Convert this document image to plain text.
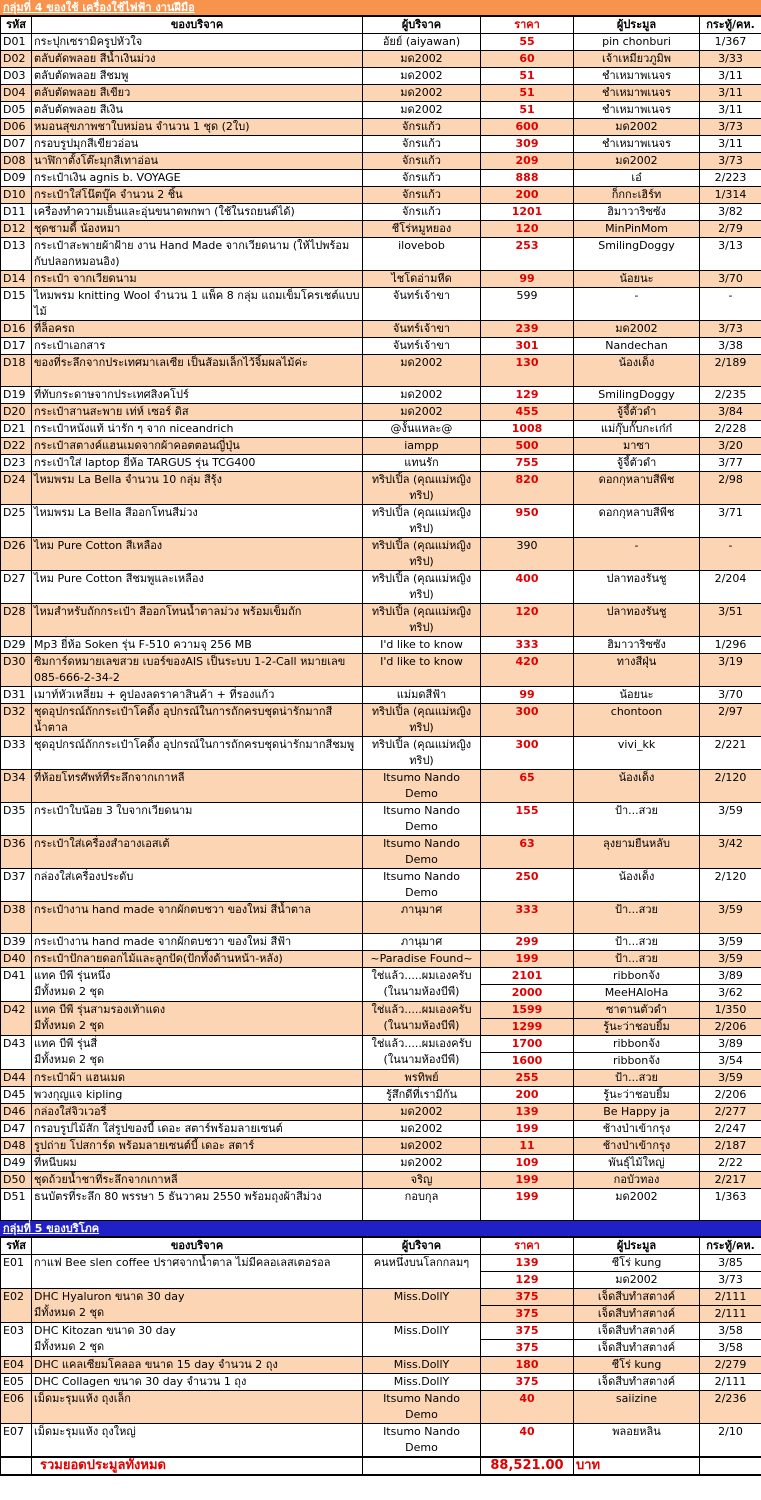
กลุ่มที่ 4 ของใช้ เครื่องใช้ไฟฟ้า งานฝีมือ
รหัส	ของบริจาค	ผู้บริจาค	ราคา	ผู้ประมูล	กระทู้/คห.
D01	กระปุกเซรามิครูปหัวใจ	อัยย์ (aiyawan)	55	pin chonburi	1/367
D02	ตลับตัดพลอย สีน้ำเงินม่วง	มด2002	60	เจ้าเหมียวภูมิพ	3/33
D03	ตลับตัดพลอย สีชมพู	มด2002	51	ชำเหมาพเนจร	3/11
D04	ตลับตัดพลอย สีเขียว	มด2002	51	ชำเหมาพเนจร	3/11
D05	ตลับตัดพลอย สีเงิน	มด2002	51	ชำเหมาพเนจร	3/11
D06	หมอนสุขภาพชาใบหม่อน จำนวน 1 ชุด (2ใบ)	จักรแก้ว	600	มด2002	3/73
D07	กรอบรูปมุกสีเขียวอ่อน	จักรแก้ว	309	ชำเหมาพเนจร	3/11
D08	นาฬิกาตั้งโต๊ะมุกสีเทาอ่อน	จักรแก้ว	209	มด2002	3/73
D09	กระเป๋าเงิน agnis b. VOYAGE	จักรแก้ว	888	เอ๋	2/223
D10	กระเป๋าใส่โน๊ตบุ๊ค จำนวน 2 ชิ้น	จักรแก้ว	200	ก็กกะเฮิร์ท	1/314
D11	เครื่องทำความเย็นและอุ่นขนาดพกพา (ใช้ในรถยนต์ได้)	จักรแก้ว	1201	ฮิมาวาริซซัง	3/82
D12	ชุดชามดี้ น้องหมา	ชีโร่หมูหยอง	120	MinPinMom	2/79
D13	กระเป๋าสะพายผ้าฝ้าย งาน Hand Made จากเวียดนาม (ให้ไปพร้อมกับปลอกหมอนอิง)	ilovebob	253	SmilingDoggy	3/13
D14	กระเป๋า จากเวียดนาม	ไชโดอ่ามหีด	99	น้อยนะ	3/70
D15	ไหมพรม knitting Wool จำนวน 1 แพ็ค 8 กลุ่ม แถมเข็มโครเชต์แบบไม้	จันทร์เจ้าขา	599	-	-
D16	ที่ล็อครถ	จันทร์เจ้าขา	239	มด2002	3/73
D17	กระเป๋าเอกสาร	จันทร์เจ้าขา	301	Nandechan	3/38
D18	ของที่ระลึกจากประเทศมาเลเซีย เป็นส้อมเล็กไว้จิ้มผลไม้ค่ะ	มด2002	130	น้องเด็ง	2/189
D19	ที่ทับกระดาษจากประเทศสิงคโปร์	มด2002	129	SmilingDoggy	2/235
D20	กระเป๋าสานสะพาย เท่ห์ เซอร์ ดิส	มด2002	455	จู้จี้ตัวดำ	3/84
D21	กระเป๋าหนังแท้ น่ารัก ๆ จาก niceandrich	@งั้นแหละ@	1008	แม่กุ๊บกั๊บกะเก๋ก๋	2/228
D22	กระเป๋าสตางค์แฮนเมดจากผ้าคอตตอนญี่ปุ่น	iampp	500	มาซา	3/20
D23	กระเป๋าใส่ laptop ยี่ห้อ TARGUS รุ่น TCG400	แทนรัก	755	จู้จี้ตัวดำ	3/77
D24	ไหมพรม La Bella จำนวน 10 กลุ่ม สีรุ้ง	ทริปเปิ้ล (คุณแม่หญิงทริป)	820	ดอกกุหลาบสีพีช	2/98
D25	ไหมพรม La Bella สีออกโทนสีม่วง	ทริปเปิ้ล (คุณแม่หญิงทริป)	950	ดอกกุหลาบสีพีช	3/71
D26	ไหม Pure Cotton สีเหลือง	ทริปเปิ้ล (คุณแม่หญิงทริป)	390	-	-
D27	ไหม Pure Cotton สีชมพูและเหลือง	ทริปเปิ้ล (คุณแม่หญิงทริป)	400	ปลาทองรันชู	2/204
D28	ไหมสำหรับถักกระเป๋า สีออกโทนน้ำตาลม่วง พร้อมเข็มถัก	ทริปเปิ้ล (คุณแม่หญิงทริป)	120	ปลาทองรันชู	3/51
D29	Mp3 ยี่ห้อ Soken รุ่น F-510 ความจุ 256 MB	I'd like to know	333	ฮิมาวาริซซัง	1/296
D30	ซิมการ์ดหมายเลขสวย เบอร์ของAIS เป็นระบบ 1-2-Call หมายเลข 085-666-2-34-2	I'd like to know	420	ทางสีฝุ่น	3/19
D31	เมาท์หัวเหลี่ยม + คูปองลดราคาสินค้า + ที่รองแก้ว	แม่มดสีฟ้า	99	น้อยนะ	3/70
D32	ชุดอุปกรณ์ถักกระเป๋าโคดิ้ง อุปกรณ์ในการถักครบชุดน่ารักมากสีน้ำตาล	ทริปเปิ้ล (คุณแม่หญิงทริป)	300	chontoon	2/97
D33	ชุดอุปกรณ์ถักกระเป๋าโคดิ้ง อุปกรณ์ในการถักครบชุดน่ารักมากสีชมพู	ทริปเปิ้ล (คุณแม่หญิงทริป)	300	vivi_kk	2/221
D34	ที่ห้อยโทรศัพท์ที่ระลึกจากเกาหลี	Itsumo Nando Demo	65	น้องเด็ง	2/120
D35	กระเป๋าใบน้อย 3 ใบจากเวียดนาม	Itsumo Nando Demo	155	ป้า...สวย	3/59
D36	กระเป๋าใส่เครื่องสำอางเอสเต้	Itsumo Nando Demo	63	ลุงยามยืนหลับ	3/42
D37	กล่องใส่เครื่องประดับ	Itsumo Nando Demo	250	น้องเด็ง	2/120
D38	กระเป๋างาน hand made จากผักตบชวา ของใหม่ สีน้ำตาล	ภานุมาศ	333	ป้า...สวย	3/59
D39	กระเป๋างาน hand made จากผักตบชวา ของใหม่ สีฟ้า	ภานุมาศ	299	ป้า...สวย	3/59
D40	กระเป๋าปักลายดอกไม้และลูกปัด(ปักทั้งด้านหน้า-หลัง)	~Paradise Found~	199	ป้า...สวย	3/59
D41	แทค บีพี รุ่นหนึ่ง
มีทั้งหมด 2 ชุด	ใช่แล้ว.....ผมเองครับ (ในนามห้องบีพี)	2101	ribbonจัง	3/89
			2000	MeeHAloHa	3/62
D42	แทค บีพี รุ่นสามรองเท้าแดง
มีทั้งหมด 2 ชุด	ใช่แล้ว.....ผมเองครับ (ในนามห้องบีพี)	1599	ซาตานตัวดำ	1/350
			1299	รู้นะว่าชอบยิ้ม	2/206
D43	แทค บีพี รุ่นสี่
มีทั้งหมด 2 ชุด	ใช่แล้ว.....ผมเองครับ (ในนามห้องบีพี)	1700	ribbonจัง	3/89
			1600	ribbonจัง	3/54
D44	กระเป๋าผ้า แฮนเมด	พรทิพย์	255	ป้า...สวย	3/59
D45	พวงกุญแจ kipling	รู้สึกดีที่เรามีกัน	200	รู้นะว่าชอบยิ้ม	2/206
D46	กล่องใส่จิวเวอรี่	มด2002	139	Be Happy ja	2/277
D47	กรอบรูปไม้สัก ใส่รูปของบี้ เดอะ สตาร์พร้อมลายเซนต์	มด2002	199	ช้างป่าเข้ากรุง	2/247
D48	รูปถ่าย โปสการ์ด พร้อมลายเซนต์บี้ เดอะ สตาร์	มด2002	11	ช้างป่าเข้ากรุง	2/187
D49	ที่หนีบผม	มด2002	109	พันธุ์ไม้ใหญ่	2/22
D50	ชุดถ้วยน้ำชาที่ระลึกจากเกาหลี	จริญ	199	กอบัวทอง	2/217
D51	ธนบัตรที่ระลึก 80 พรรษา 5 ธันวาคม 2550 พร้อมถุงผ้าสีม่วง	กอบกุล	199	มด2002	1/363
กลุ่มที่ 5 ของบริโภค
รหัส	ของบริจาค	ผู้บริจาค	ราคา	ผู้ประมูล	กระทู้/คห.
E01	กาแฟ Bee slen coffee ปราศจากน้ำตาล ไม่มีคลอเลสเตอรอล	คนหนึ่งบนโลกกลมๆ	139	ชีโร่ kung	3/85
			129	มด2002	3/73
E02	DHC Hyaluron ขนาด 30 day
มีทั้งหมด 2 ชุด	Miss.DollY	375	เจ็ดสีบทำสตางค์	2/111
			375	เจ็ดสีบทำสตางค์	2/111
E03	DHC Kitozan ขนาด 30 day
มีทั้งหมด 2 ชุด	Miss.DollY	375	เจ็ดสีบทำสตางค์	3/58
			375	เจ็ดสีบทำสตางค์	3/58
E04	DHC แคลเซียมโคลอล ขนาด 15 day จำนวน 2 ถุง	Miss.DollY	180	ชีโร่ kung	2/279
E05	DHC Collagen ขนาด 30 day จำนวน 1 ถุง	Miss.DollY	375	เจ็ดสีบทำสตางค์	2/111
E06	เม็ดมะรุมแห้ง ถุงเล็ก	Itsumo Nando Demo	40	saiizine	2/236
E07	เม็ดมะรุมแห้ง ถุงใหญ่	Itsumo Nando Demo	40	พลอยหลิน	2/10
	รวมยอดประมูลทั้งหมด		88,521.00	บาท	
